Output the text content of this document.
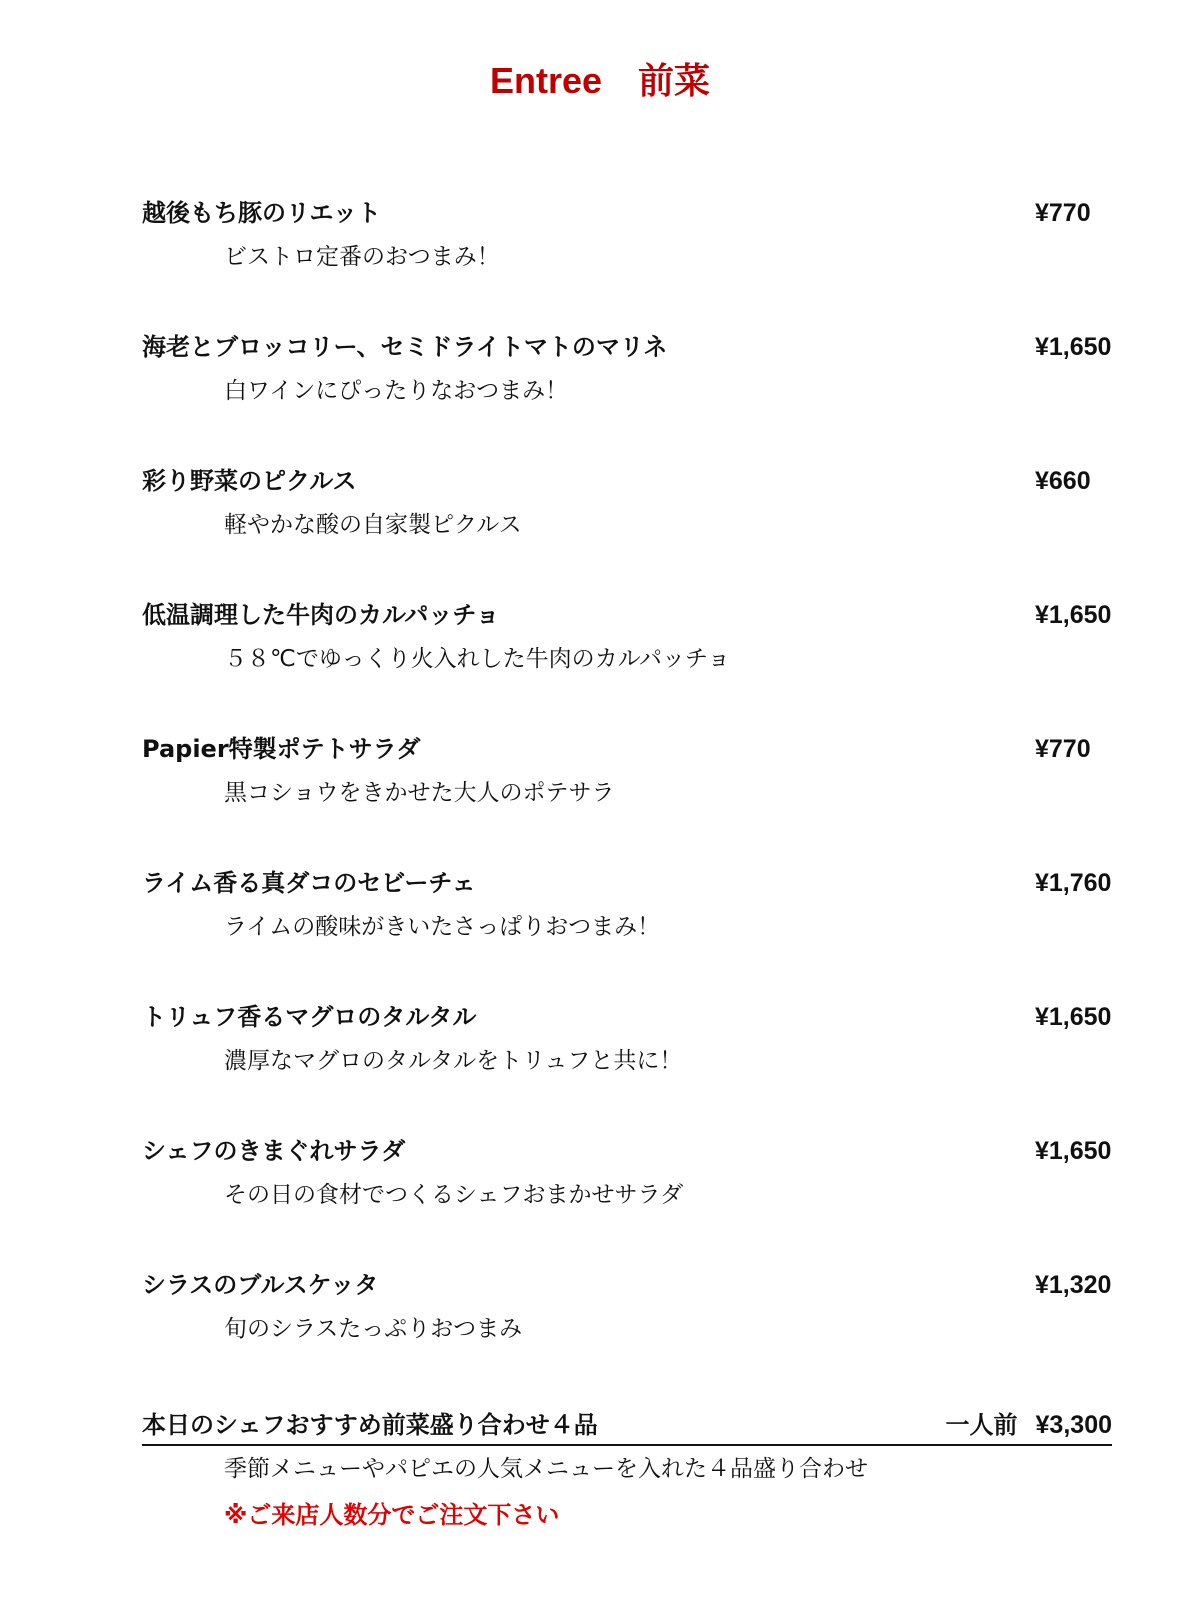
Entree　前菜
越後もち豚のリエット	¥770
ビストロ定番のおつまみ！
海老とブロッコリー、セミドライトマトのマリネ	¥1,650
白ワインにぴったりなおつまみ！
彩り野菜のピクルス	¥660
軽やかな酸の自家製ピクルス
低温調理した牛肉のカルパッチョ	¥1,650
５８℃でゆっくり火入れした牛肉のカルパッチョ
Papier特製ポテトサラダ	¥770
黒コショウをきかせた大人のポテサラ
ライム香る真ダコのセビーチェ	¥1,760
ライムの酸味がきいたさっぱりおつまみ！
トリュフ香るマグロのタルタル	¥1,650
濃厚なマグロのタルタルをトリュフと共に！
シェフのきまぐれサラダ	¥1,650
その日の食材でつくるシェフおまかせサラダ
シラスのブルスケッタ	¥1,320
旬のシラスたっぷりおつまみ
本日のシェフおすすめ前菜盛り合わせ４品	一人前 ¥3,300
季節メニューやパピエの人気メニューを入れた４品盛り合わせ
※ご来店人数分でご注文下さい
